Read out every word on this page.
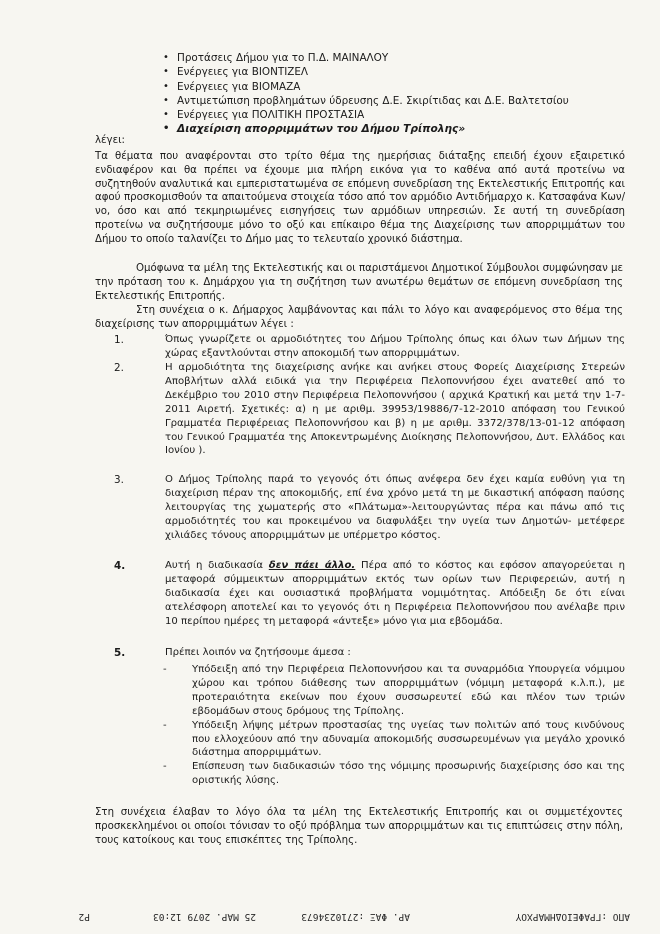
• Προτάσεις Δήμου για το Π.Δ. ΜΑΙΝΑΛΟΥ
• Ενέργειες για ΒΙΟΝΤΙΖΕΛ
• Ενέργειες για ΒΙΟΜΑΖΑ
• Αντιμετώπιση προβλημάτων ύδρευσης Δ.Ε. Σκιρίτιδας και Δ.Ε. Βαλτετσίου
• Ενέργειες για ΠΟΛΙΤΙΚΗ ΠΡΟΣΤΑΣΙΑ
• Διαχείριση απορριμμάτων του Δήμου Τρίπολης»
λέγει:
Τα θέματα που αναφέρονται στο τρίτο θέμα της ημερήσιας διάταξης επειδή έχουν εξαιρετικό ενδιαφέρον και θα πρέπει να έχουμε μια πλήρη εικόνα για το καθένα από αυτά προτείνω να συζητηθούν αναλυτικά και εμπεριστατωμένα σε επόμενη συνεδρίαση της Εκτελεστικής Επιτροπής και αφού προσκομισθούν τα απαιτούμενα στοιχεία τόσο από τον αρμόδιο Αντιδήμαρχο κ. Κατσαφάνα Κων/νο, όσο και από τεκμηριωμένες εισηγήσεις των αρμόδιων υπηρεσιών. Σε αυτή τη συνεδρίαση προτείνω να συζητήσουμε μόνο το οξύ και επίκαιρο θέμα της Διαχείρισης των απορριμμάτων του Δήμου το οποίο ταλανίζει το Δήμο μας το τελευταίο χρονικό διάστημα.
Ομόφωνα τα μέλη της Εκτελεστικής και οι παριστάμενοι Δημοτικοί Σύμβουλοι συμφώνησαν με την πρόταση του κ. Δημάρχου για τη συζήτηση των ανωτέρω θεμάτων σε επόμενη συνεδρίαση της Εκτελεστικής Επιτροπής.
Στη συνέχεια ο κ. Δήμαρχος λαμβάνοντας και πάλι το λόγο και αναφερόμενος στο θέμα της διαχείρισης των απορριμμάτων λέγει :
1.	Όπως γνωρίζετε οι αρμοδιότητες του Δήμου Τρίπολης όπως και όλων των Δήμων της χώρας εξαντλούνται στην αποκομιδή των απορριμμάτων.
2.	Η αρμοδιότητα της διαχείρισης ανήκε και ανήκει στους Φορείς Διαχείρισης Στερεών Αποβλήτων αλλά ειδικά για την Περιφέρεια Πελοποννήσου έχει ανατεθεί από το Δεκέμβριο του 2010 στην Περιφέρεια Πελοποννήσου ( αρχικά Κρατική και μετά την 1-7-2011 Αιρετή. Σχετικές: α) η με αριθμ. 39953/19886/7-12-2010 απόφαση του Γενικού Γραμματέα Περιφέρειας Πελοποννήσου και β) η με αριθμ. 3372/378/13-01-12 απόφαση του Γενικού Γραμματέα της Αποκεντρωμένης Διοίκησης Πελοποννήσου, Δυτ. Ελλάδος και Ιονίου ).
3.	Ο Δήμος Τρίπολης παρά το γεγονός ότι όπως ανέφερα δεν έχει καμία ευθύνη για τη διαχείριση πέραν της αποκομιδής, επί ένα χρόνο μετά τη με δικαστική απόφαση παύσης λειτουργίας της χωματερής στο «Πλάτωμα»-λειτουργώντας πέρα και πάνω από τις αρμοδιότητές του και προκειμένου να διαφυλάξει την υγεία των Δημοτών- μετέφερε χιλιάδες τόνους απορριμμάτων με υπέρμετρο κόστος.
4.	Αυτή η διαδικασία δεν πάει άλλο. Πέρα από το κόστος και εφόσον απαγορεύεται η μεταφορά σύμμεικτων απορριμμάτων εκτός των ορίων των Περιφερειών, αυτή η διαδικασία έχει και ουσιαστικά προβλήματα νομιμότητας. Απόδειξη δε ότι είναι ατελέσφορη αποτελεί και το γεγονός ότι η Περιφέρεια Πελοποννήσου που ανέλαβε πριν 10 περίπου ημέρες τη μεταφορά «άντεξε» μόνο για μια εβδομάδα.
5.	Πρέπει λοιπόν να ζητήσουμε άμεσα :
-	Υπόδειξη από την Περιφέρεια Πελοποννήσου και τα συναρμόδια Υπουργεία νόμιμου χώρου και τρόπου διάθεσης των απορριμμάτων (νόμιμη μεταφορά κ.λ.π.), με προτεραιότητα εκείνων που έχουν συσσωρευτεί εδώ και πλέον των τριών εβδομάδων στους δρόμους της Τρίπολης.
-	Υπόδειξη λήψης μέτρων προστασίας της υγείας των πολιτών από τους κινδύνους που ελλοχεύουν από την αδυναμία αποκομιδής συσσωρευμένων για μεγάλο χρονικό διάστημα απορριμμάτων.
-	Επίσπευση των διαδικασιών τόσο της νόμιμης προσωρινής διαχείρισης όσο και της οριστικής λύσης.
Στη συνέχεια έλαβαν το λόγο όλα τα μέλη της Εκτελεστικής Επιτροπής και οι συμμετέχοντες προσκεκλημένοι οι οποίοι τόνισαν το οξύ πρόβλημα των απορριμμάτων και τις επιπτώσεις στην πόλη, τους κατοίκους και τους επισκέπτες της Τρίπολης.
ΑΠΟ :ΓΡΑΦΕΙΟΔΗΜΑΡΧΟΥ
ΑΡ. ΦΑΞ :2710234673
25 ΜΑΡ. 2079 12:03
Ρ2
